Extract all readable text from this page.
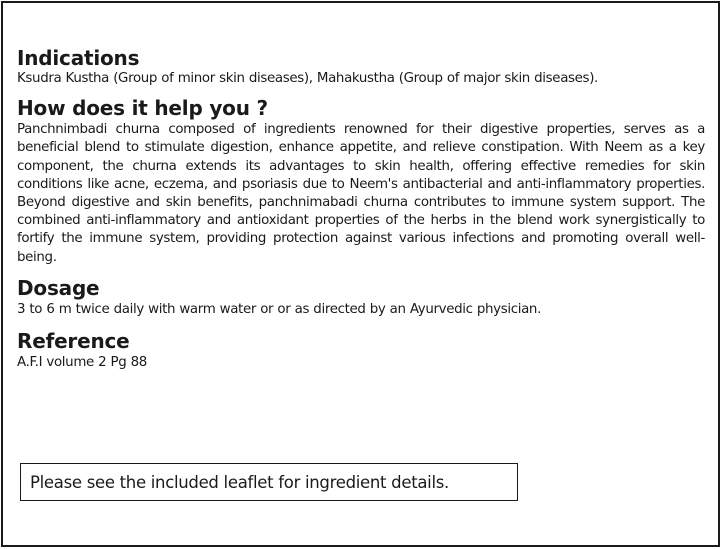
Indications

Ksudra Kustha (Group of minor skin diseases), Mahakustha (Group of major skin diseases).

How does it help you ?

Panchnimbadi churna composed of ingredients renowned for their digestive properties, serves as a beneficial blend to stimulate digestion, enhance appetite, and relieve constipation. With Neem as a key component, the churna extends its advantages to skin health, offering effective remedies for skin conditions like acne, eczema, and psoriasis due to Neem's antibacterial and anti-inflammatory properties. Beyond digestive and skin benefits, panchnimabadi churna contributes to immune system support. The combined anti-inflammatory and antioxidant properties of the herbs in the blend work synergistically to fortify the immune system, providing protection against various infections and promoting overall well-being.

Dosage

3 to 6 m twice daily with warm water or or as directed by an Ayurvedic physician.

Reference

A.F.I volume 2 Pg 88

Please see the included leaflet for ingredient details.
